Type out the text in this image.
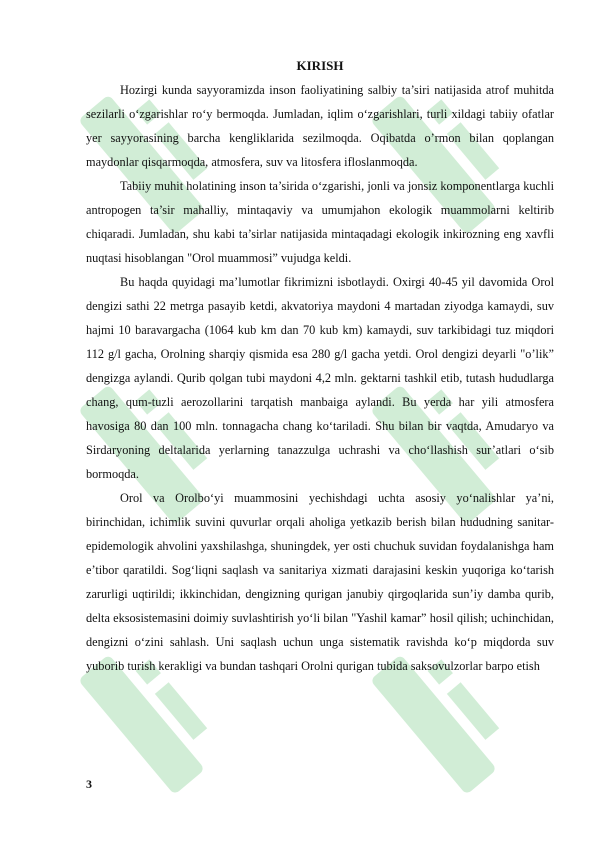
KIRISH

Hozirgi kunda sayyoramizda inson faoliyatining salbiy ta’siri natijasida atrof muhitda sezilarli o‘zgarishlar ro‘y bermoqda. Jumladan, iqlim o‘zgarishlari, turli xildagi tabiiy ofatlar yer sayyorasining barcha kengliklarida sezilmoqda. Oqibatda o’rmon bilan qoplangan maydonlar qisqarmoqda, atmosfera, suv va litosfera ifloslanmoqda.

Tabiiy muhit holatining inson ta’sirida o‘zgarishi, jonli va jonsiz komponentlarga kuchli antropogen ta’sir mahalliy, mintaqaviy va umumjahon ekologik muammolarni keltirib chiqaradi. Jumladan, shu kabi ta’sirlar natijasida mintaqadagi ekologik inkirozning eng xavfli nuqtasi hisoblangan "Orol muammosi” vujudga keldi.

Bu haqda quyidagi ma’lumotlar fikrimizni isbotlaydi. Oxirgi 40-45 yil davomida Orol dengizi sathi 22 metrga pasayib ketdi, akvatoriya maydoni 4 martadan ziyodga kamaydi, suv hajmi 10 baravargacha (1064 kub km dan 70 kub km) kamaydi, suv tarkibidagi tuz miqdori 112 g/l gacha, Orolning sharqiy qismida esa 280 g/l gacha yetdi. Orol dengizi deyarli "o’lik” dengizga aylandi. Qurib qolgan tubi maydoni 4,2 mln. gektarni tashkil etib, tutash hududlarga chang, qum-tuzli aerozollarini tarqatish manbaiga aylandi. Bu yerda har yili atmosfera havosiga 80 dan 100 mln. tonnagacha chang ko‘tariladi. Shu bilan bir vaqtda, Amudaryo va Sirdaryoning deltalarida yerlarning tanazzulga uchrashi va cho‘llashish sur’atlari o‘sib bormoqda.

Orol va Orolbo‘yi muammosini yechishdagi uchta asosiy yo‘nalishlar ya’ni, birinchidan, ichimlik suvini quvurlar orqali aholiga yetkazib berish bilan hududning sanitar-epidemologik ahvolini yaxshilashga, shuningdek, yer osti chuchuk suvidan foydalanishga ham e’tibor qaratildi. Sog‘liqni saqlash va sanitariya xizmati darajasini keskin yuqoriga ko‘tarish zarurligi uqtirildi; ikkinchidan, dengizning qurigan janubiy qirgoqlarida sun’iy damba qurib, delta eksosistemasini doimiy suvlashtirish yo‘li bilan "Yashil kamar” hosil qilish; uchinchidan, dengizni o‘zini sahlash. Uni saqlash uchun unga sistematik ravishda ko‘p miqdorda suv yuborib turish kerakligi va bundan tashqari Orolni qurigan tubida saksovulzorlar barpo etish

3
